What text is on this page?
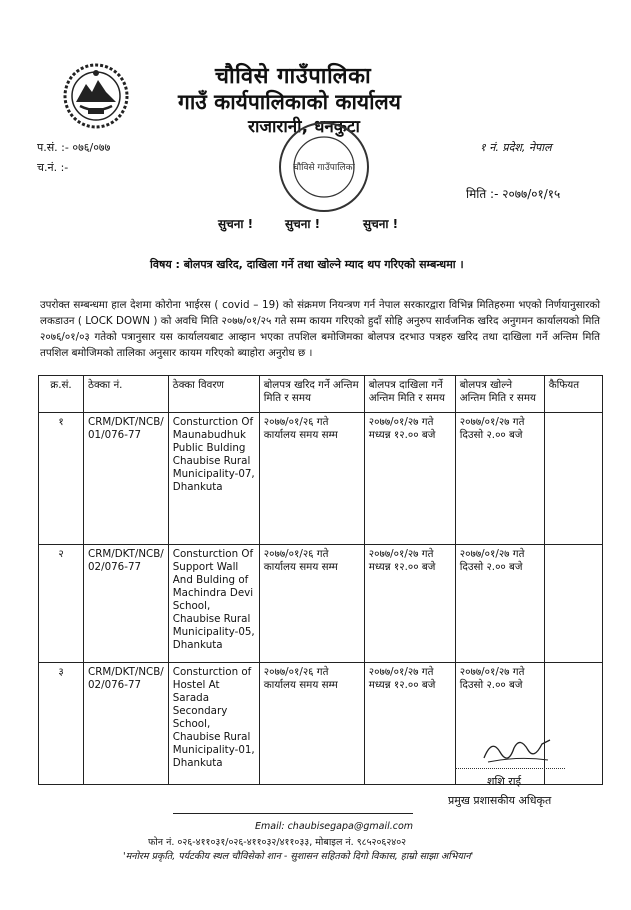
चौविसे गाउँपालिका
गाउँ कार्यपालिकाको कार्यालय
राजारानी, धनकुटा
चौविसे गाउँपालिका
प.सं. :- ०७६/०७७
च.नं. :-
१ नं. प्रदेश, नेपाल
मिति :- २०७७/०१/१५
सुचना !	सुचना !	सुचना !
विषय : बोलपत्र खरिद, दाखिला गर्ने तथा खोल्ने म्याद थप गरिएको सम्बन्धमा ।
उपरोक्त सम्बन्धमा हाल देशमा कोरोना भाईरस ( covid – 19) को संक्रमण नियन्त्रण गर्न नेपाल सरकारद्वारा विभिन्न मितिहरुमा भएको निर्णयानुसारको लकडाउन ( LOCK DOWN ) को अवधि मिति २०७७/०१/२५ गते सम्म कायम गरिएको हुदाँ सोहि अनुरुप सार्वजनिक खरिद अनुगमन कार्यालयको मिति २०७६/०१/०३ गतेको पत्रानुसार यस कार्यालयबाट आव्हान भएका तपशिल बमोजिमका बोलपत्र दरभाउ पत्रहरु खरिद तथा दाखिला गर्ने अन्तिम मिति तपशिल बमोजिमको तालिका अनुसार कायम गरिएको ब्याहोरा अनुरोध छ ।
क्र.सं.	ठेक्का नं.	ठेक्का विवरण	बोलपत्र खरिद गर्ने अन्तिम मिति र समय	बोलपत्र दाखिला गर्ने अन्तिम मिति र समय	बोलपत्र खोल्ने अन्तिम मिति र समय	कैफियत
१	CRM/DKT/NCB/ 01/076-77	Consturction Of Maunabudhuk Public Bulding Chaubise Rural Municipality-07, Dhankuta	२०७७/०१/२६ गते कार्यालय समय सम्म	२०७७/०१/२७ गते मध्यन्न १२.०० बजे	२०७७/०१/२७ गते दिउसो २.०० बजे	
२	CRM/DKT/NCB/ 02/076-77	Consturction Of Support Wall And Bulding of Machindra Devi School, Chaubise Rural Municipality-05, Dhankuta	२०७७/०१/२६ गते कार्यालय समय सम्म	२०७७/०१/२७ गते मध्यन्न १२.०० बजे	२०७७/०१/२७ गते दिउसो २.०० बजे	
३	CRM/DKT/NCB/ 02/076-77	Consturction of Hostel At Sarada Secondary School, Chaubise Rural Municipality-01, Dhankuta	२०७७/०१/२६ गते कार्यालय समय सम्म	२०७७/०१/२७ गते मध्यन्न १२.०० बजे	२०७७/०१/२७ गते दिउसो २.०० बजे	
शशि राई
प्रमुख प्रशासकीय अधिकृत
Email: chaubisegapa@gmail.com
फोन नं. ०२६-४११०३१/०२६-४११०३२/४११०३३, मोबाइल नं. ९८५२०६२४०२
'मनोरम प्रकृति, पर्यटकीय स्थल चौविसेको शान - सुशासन सहितको दिगो विकास, हाम्रो साझा अभियान'
